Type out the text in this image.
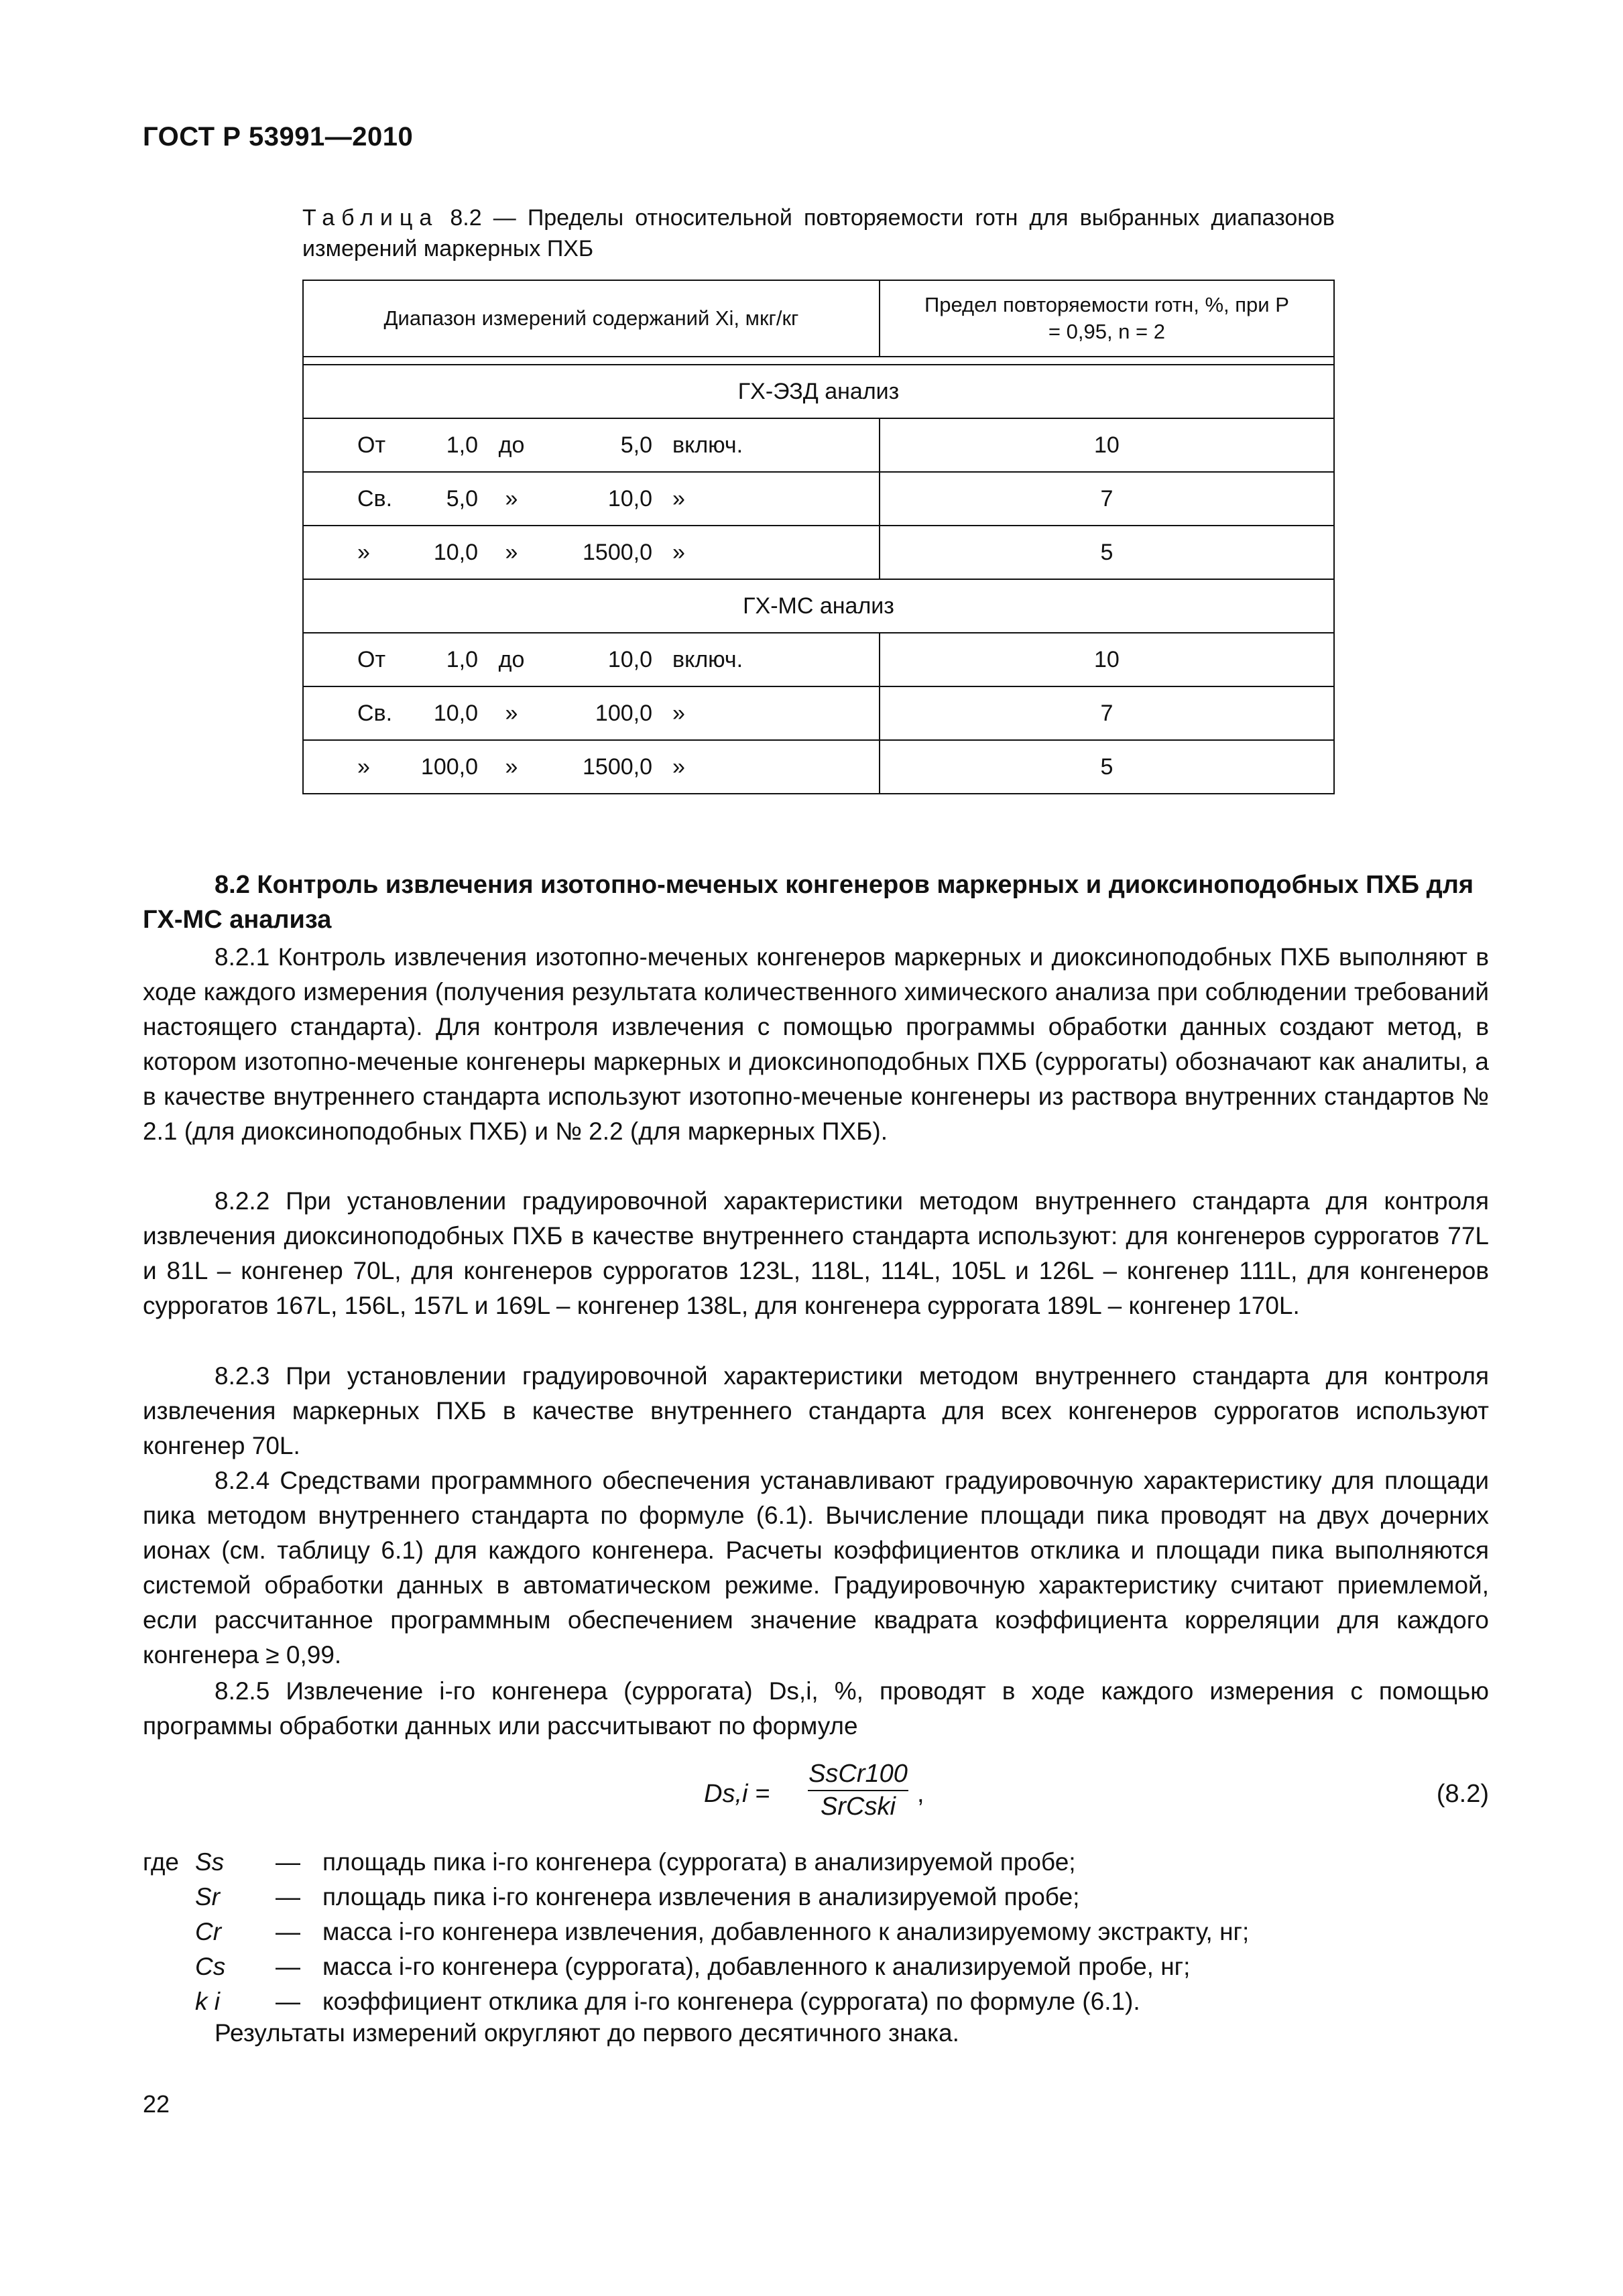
ГОСТ Р 53991—2010
Таблица 8.2 — Пределы относительной повторяемости rотн для выбранных диапазонов измерений маркерных ПХБ
Диапазон измерений содержаний Xi, мкг/кг	Предел повторяемости rотн, %, при P = 0,95, n = 2

ГХ-ЭЗД анализ	

От 1,0 до 5,0 включ.	10

Св. 5,0 » 10,0 »	7

» 10,0 » 1500,0 »	5
ГХ-МС анализ	

От 1,0 до 10,0 включ.	10

Св. 10,0 » 100,0 »	7

» 100,0 » 1500,0 »	5
8.2 Контроль извлечения изотопно-меченых конгенеров маркерных и диоксиноподобных ПХБ для ГХ-МС анализа
8.2.1 Контроль извлечения изотопно-меченых конгенеров маркерных и диоксиноподобных ПХБ выполняют в ходе каждого измерения (получения результата количественного химического анализа при соблюдении требований настоящего стандарта). Для контроля извлечения с помощью программы обработки данных создают метод, в котором изотопно-меченые конгенеры маркерных и диоксиноподобных ПХБ (суррогаты) обозначают как аналиты, а в качестве внутреннего стандарта используют изотопно-меченые конгенеры из раствора внутренних стандартов № 2.1 (для диоксиноподобных ПХБ) и № 2.2 (для маркерных ПХБ).
8.2.2 При установлении градуировочной характеристики методом внутреннего стандарта для контроля извлечения диоксиноподобных ПХБ в качестве внутреннего стандарта используют: для конгенеров суррогатов 77L и 81L – конгенер 70L, для конгенеров суррогатов 123L, 118L, 114L, 105L и 126L – конгенер 111L, для конгенеров суррогатов 167L, 156L, 157L и 169L – конгенер 138L, для конгенера суррогата 189L – конгенер 170L.
8.2.3 При установлении градуировочной характеристики методом внутреннего стандарта для контроля извлечения маркерных ПХБ в качестве внутреннего стандарта для всех конгенеров суррогатов используют конгенер 70L.
8.2.4 Средствами программного обеспечения устанавливают градуировочную характеристику для площади пика методом внутреннего стандарта по формуле (6.1). Вычисление площади пика проводят на двух дочерних ионах (см. таблицу 6.1) для каждого конгенера. Расчеты коэффициентов отклика и площади пика выполняются системой обработки данных в автоматическом режиме. Градуировочную характеристику считают приемлемой, если рассчитанное программным обеспечением значение квадрата коэффициента корреляции для каждого конгенера ≥ 0,99.
8.2.5 Извлечение i-го конгенера (суррогата) Ds,i, %, проводят в ходе каждого измерения с помощью программы обработки данных или рассчитывают по формуле
Ds,i =
SsCr100
SrCski ,	(8.2)
где Ss	— площадь пика i-го конгенера (суррогата) в анализируемой пробе;
Sr	— площадь пика i-го конгенера извлечения в анализируемой пробе;
Cr	— масса i-го конгенера извлечения, добавленного к анализируемому экстракту, нг;
Cs	— масса i-го конгенера (суррогата), добавленного к анализируемой пробе, нг;
k i	— коэффициент отклика для i-го конгенера (суррогата) по формуле (6.1).
Результаты измерений округляют до первого десятичного знака.
22
